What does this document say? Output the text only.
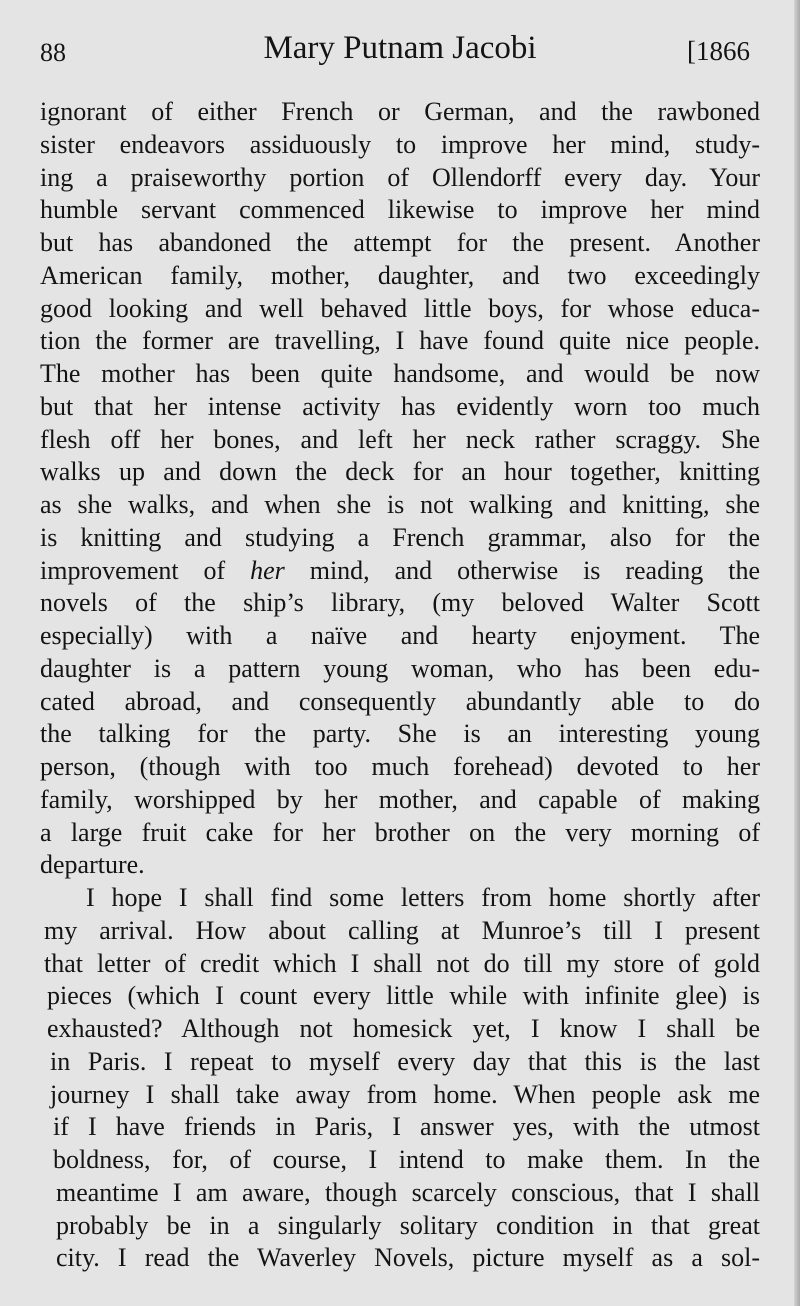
88	Mary Putnam Jacobi	[1866
ignorant of either French or German, and the rawboned
sister endeavors assiduously to improve her mind, study-
ing a praiseworthy portion of Ollendorff every day. Your
humble servant commenced likewise to improve her mind
but has abandoned the attempt for the present. Another
American family, mother, daughter, and two exceedingly
good looking and well behaved little boys, for whose educa-
tion the former are travelling, I have found quite nice people.
The mother has been quite handsome, and would be now
but that her intense activity has evidently worn too much
flesh off her bones, and left her neck rather scraggy. She
walks up and down the deck for an hour together, knitting
as she walks, and when she is not walking and knitting, she
is knitting and studying a French grammar, also for the
improvement of her mind, and otherwise is reading the
novels of the ship’s library, (my beloved Walter Scott
especially) with a naïve and hearty enjoyment. The
daughter is a pattern young woman, who has been edu-
cated abroad, and consequently abundantly able to do
the talking for the party. She is an interesting young
person, (though with too much forehead) devoted to her
family, worshipped by her mother, and capable of making
a large fruit cake for her brother on the very morning of
departure.
I hope I shall find some letters from home shortly after
my arrival. How about calling at Munroe’s till I present
that letter of credit which I shall not do till my store of gold
pieces (which I count every little while with infinite glee) is
exhausted? Although not homesick yet, I know I shall be
in Paris. I repeat to myself every day that this is the last
journey I shall take away from home. When people ask me
if I have friends in Paris, I answer yes, with the utmost
boldness, for, of course, I intend to make them. In the
meantime I am aware, though scarcely conscious, that I shall
probably be in a singularly solitary condition in that great
city. I read the Waverley Novels, picture myself as a sol-
